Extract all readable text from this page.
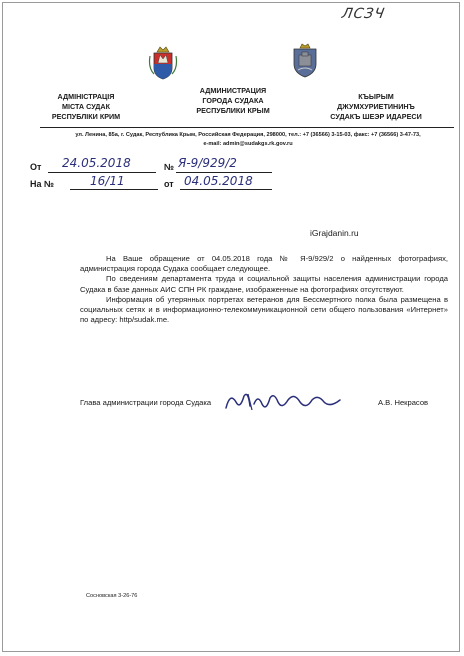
ЛСЗЧ
АДМІНІСТРАЦІЯ
МІСТА СУДАК
РЕСПУБЛІКИ КРИМ
АДМИНИСТРАЦИЯ
ГОРОДА СУДАКА
РЕСПУБЛИКИ КРЫМ
КЪЫРЫМ
ДЖУМХУРИЕТИНИНЪ
СУДАКЪ ШЕЭР ИДАРЕСИ
ул. Ленина, 85а, г. Судак, Республика Крым, Российская Федерация, 298000, тел.: +7 (36566) 3-15-03, факс: +7 (36566) 3-47-73,
e-mail: admin@sudakgs.rk.gov.ru
От 24.05.2018	№ Я-9/929/2
На №	16/11	от 04.05.2018
iGrajdanin.ru

На Ваше обращение от 04.05.2018 года № Я-9/929/2 о найденных фотографиях, администрация города Судака сообщает следующее.

По сведениям департамента труда и социальной защиты населения администрации города Судака в базе данных АИС СПН РК граждане, изображенные на фотографиях отсутствуют.

Информация об утерянных портретах ветеранов для Бессмертного полка была размещена в социальных сетях и в информационно-телекоммуникационной сети общего пользования «Интернет» по адресу: http/sudak.me.

Глава администрации города Судака	А.В. Некрасов
Сосновская 3-26-76
